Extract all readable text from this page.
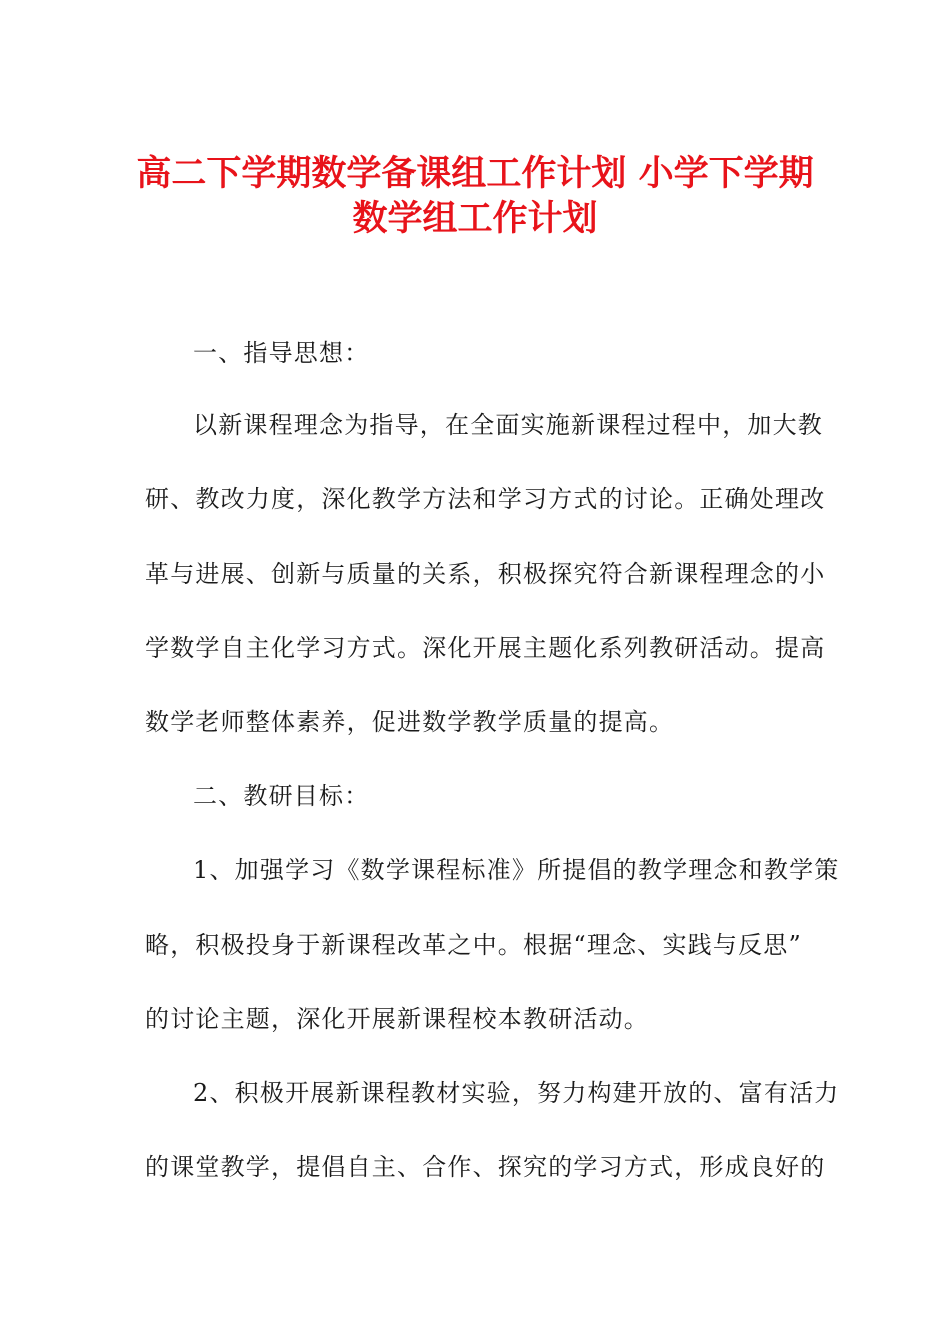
高二下学期数学备课组工作计划 小学下学期
数学组工作计划
一、指导思想：
以新课程理念为指导，在全面实施新课程过程中，加大教
研、教改力度，深化教学方法和学习方式的讨论。正确处理改
革与进展、创新与质量的关系，积极探究符合新课程理念的小
学数学自主化学习方式。深化开展主题化系列教研活动。提高
数学老师整体素养，促进数学教学质量的提高。
二、教研目标：
1、加强学习《数学课程标准》所提倡的教学理念和教学策
略，积极投身于新课程改革之中。根据“理念、实践与反思”
的讨论主题，深化开展新课程校本教研活动。
2、积极开展新课程教材实验，努力构建开放的、富有活力
的课堂教学，提倡自主、合作、探究的学习方式，形成良好的
